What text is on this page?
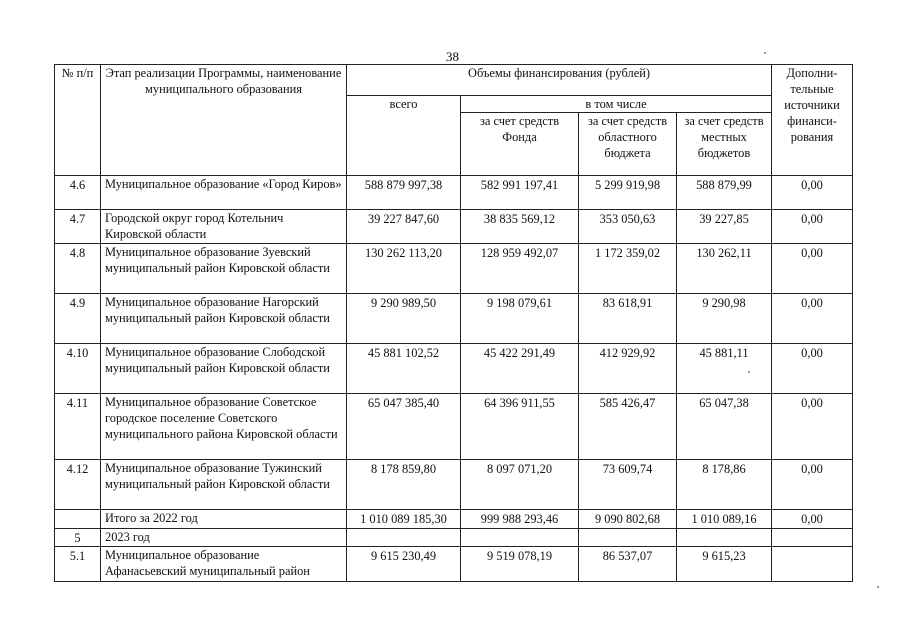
38
№ п/п	Этап реализации Программы, наименование муниципального образования	Объемы финансирования (рублей)				Дополни-тельные источники финанси-рования
		всего	в том числе			
			за счет средств Фонда	за счет средств областного бюджета	за счет средств местных бюджетов	
4.6	Муниципальное образование «Город Киров»	588 879 997,38	582 991 197,41	5 299 919,98	588 879,99	0,00
4.7	Городской округ город Котельнич Кировской области	39 227 847,60	38 835 569,12	353 050,63	39 227,85	0,00
4.8	Муниципальное образование Зуевский муниципальный район Кировской области	130 262 113,20	128 959 492,07	1 172 359,02	130 262,11	0,00
4.9	Муниципальное образование Нагорский муниципальный район Кировской области	9 290 989,50	9 198 079,61	83 618,91	9 290,98	0,00
4.10	Муниципальное образование Слободской муниципальный район Кировской области	45 881 102,52	45 422 291,49	412 929,92	45 881,11	0,00
4.11	Муниципальное образование Советское городское поселение Советского муниципального района Кировской области	65 047 385,40	64 396 911,55	585 426,47	65 047,38	0,00
4.12	Муниципальное образование Тужинский муниципальный район Кировской области	8 178 859,80	8 097 071,20	73 609,74	8 178,86	0,00
	Итого за 2022 год	1 010 089 185,30	999 988 293,46	9 090 802,68	1 010 089,16	0,00
5	2023 год					
5.1	Муниципальное образование Афанасьевский муниципальный район	9 615 230,49	9 519 078,19	86 537,07	9 615,23	
